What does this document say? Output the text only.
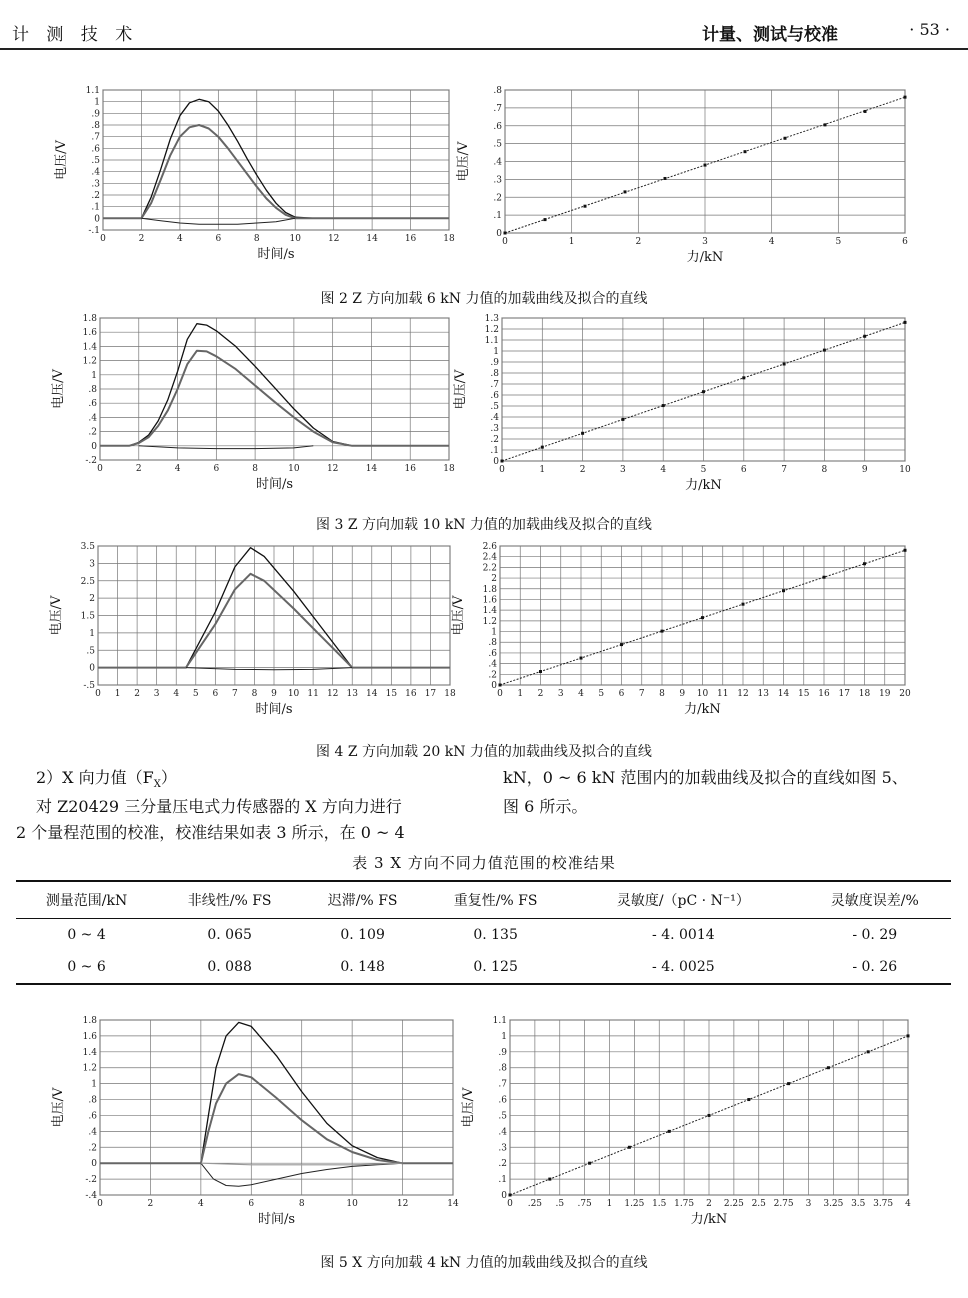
计 测 技 术	计量、测试与校准	· 53 ·
-.1
0
.1
.2
.3
.4
.5
.6
.7
.8
.9
1
1.1
0	2	4	6	8	10	12	14	16	18
时间/s
电压/V
0
.1
.2
.3
.4
.5
.6
.7
.8
0	1	2	3	4	5	6
力/kN
电压/V
图 2 Z 方向加载 6 kN 力值的加载曲线及拟合的直线
-.2
0
.2
.4
.6
.8
1
1.2
1.4
1.6
1.8
0	2	4	6	8	10	12	14	16	18
时间/s
电压/V
0
.1
.2
.3
.4
.5
.6
.7
.8
.9
1
1.1
1.2
1.3
0	1	2	3	4	5	6	7	8	9	10
力/kN
电压/V
图 3 Z 方向加载 10 kN 力值的加载曲线及拟合的直线
-.5
0
.5
1
1.5
2
2.5
3
3.5
0 1 2 3 4 5 6 7 8 9 10 11 12 13 14 15 16 17 18
时间/s
电压/V
0
.2
.4
.6
.8
1
1.2
1.4
1.6
1.8
2
2.2
2.4
2.6
0 1 2 3 4 5 6 7 8 9 10 11 12 13 14 15 16 17 18 19 20
力/kN
电压/V
图 4 Z 方向加载 20 kN 力值的加载曲线及拟合的直线
2）X 向力值$(F_X)$
对 Z20429 三分量压电式力传感器的 X 方向力进行
2 个量程范围的校准，校准结果如表 3 所示，在 0 ~ 4
kN，0 ~ 6 kN 范围内的加载曲线及拟合的直线如图 5、
图 6 所示。
表 3 X 方向不同力值范围的校准结果
测量范围/kN	非线性/% FS	迟滞/% FS	重复性/% FS	灵敏度/（pC · N⁻¹）	灵敏度误差/%
0 ~ 4	0. 065	0. 109	0. 135	- 4. 0014	- 0. 29
0 ~ 6	0. 088	0. 148	0. 125	- 4. 0025	- 0. 26
-.4
-.2
0
.2
.4
.6
.8
1
1.2
1.4
1.6
1.8
0	2	4	6	8	10	12	14
时间/s
电压/V
0
.1
.2
.3
.4
.5
.6
.7
.8
.9
1
1.1
0 .25 .5 .75 1 1.25 1.5 1.75 2 2.25 2.5 2.75 3 3.25 3.5 3.75 4
力/kN
电压/V
图 5 X 方向加载 4 kN 力值的加载曲线及拟合的直线
